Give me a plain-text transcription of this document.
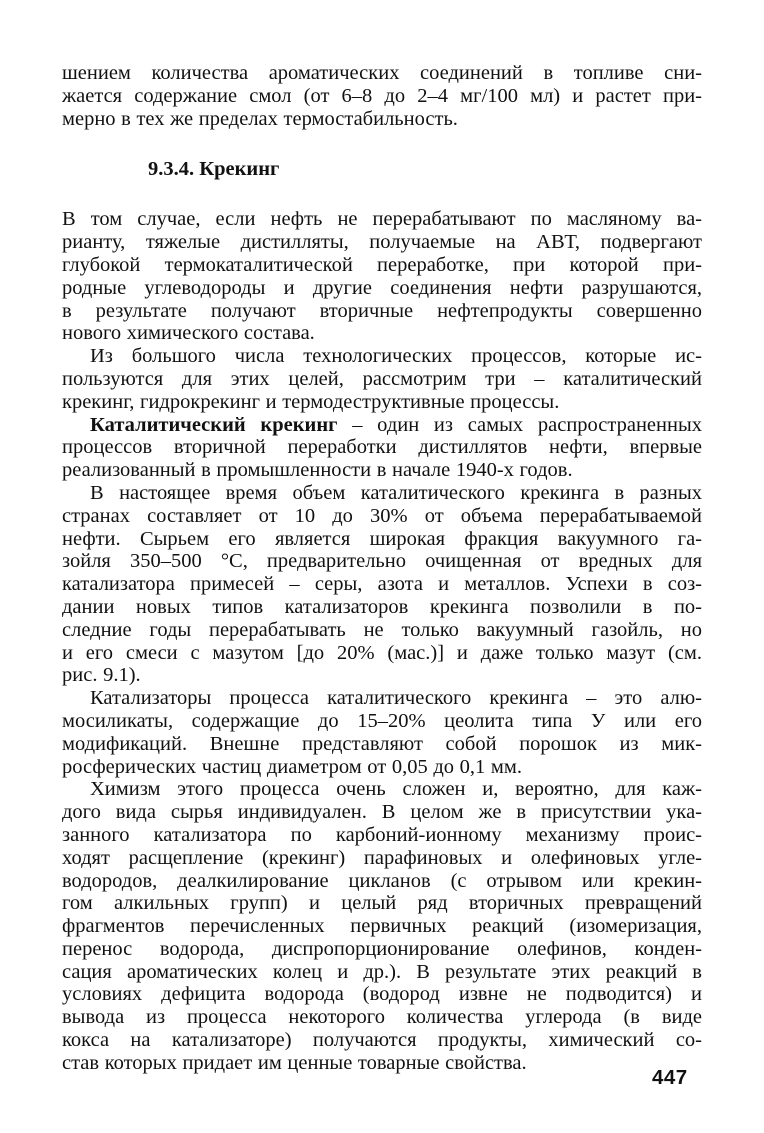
шением количества ароматических соединений в топливе сни-
жается содержание смол (от 6–8 до 2–4 мг/100 мл) и растет при-
мерно в тех же пределах термостабильность.
9.3.4. Крекинг
В том случае, если нефть не перерабатывают по масляному ва-
рианту, тяжелые дистилляты, получаемые на АВТ, подвергают
глубокой термокаталитической переработке, при которой при-
родные углеводороды и другие соединения нефти разрушаются,
в результате получают вторичные нефтепродукты совершенно
нового химического состава.
Из большого числа технологических процессов, которые ис-
пользуются для этих целей, рассмотрим три – каталитический
крекинг, гидрокрекинг и термодеструктивные процессы.
Каталитический крекинг – один из самых распространенных
процессов вторичной переработки дистиллятов нефти, впервые
реализованный в промышленности в начале 1940-х годов.
В настоящее время объем каталитического крекинга в разных
странах составляет от 10 до 30% от объема перерабатываемой
нефти. Сырьем его является широкая фракция вакуумного га-
зойля 350–500 °С, предварительно очищенная от вредных для
катализатора примесей – серы, азота и металлов. Успехи в соз-
дании новых типов катализаторов крекинга позволили в по-
следние годы перерабатывать не только вакуумный газойль, но
и его смеси с мазутом [до 20% (мас.)] и даже только мазут (см.
рис. 9.1).
Катализаторы процесса каталитического крекинга – это алю-
мосиликаты, содержащие до 15–20% цеолита типа У или его
модификаций. Внешне представляют собой порошок из мик-
росферических частиц диаметром от 0,05 до 0,1 мм.
Химизм этого процесса очень сложен и, вероятно, для каж-
дого вида сырья индивидуален. В целом же в присутствии ука-
занного катализатора по карбоний-ионному механизму проис-
ходят расщепление (крекинг) парафиновых и олефиновых угле-
водородов, деалкилирование цикланов (с отрывом или крекин-
гом алкильных групп) и целый ряд вторичных превращений
фрагментов перечисленных первичных реакций (изомеризация,
перенос водорода, диспропорционирование олефинов, конден-
сация ароматических колец и др.). В результате этих реакций в
условиях дефицита водорода (водород извне не подводится) и
вывода из процесса некоторого количества углерода (в виде
кокса на катализаторе) получаются продукты, химический со-
став которых придает им ценные товарные свойства.
447
